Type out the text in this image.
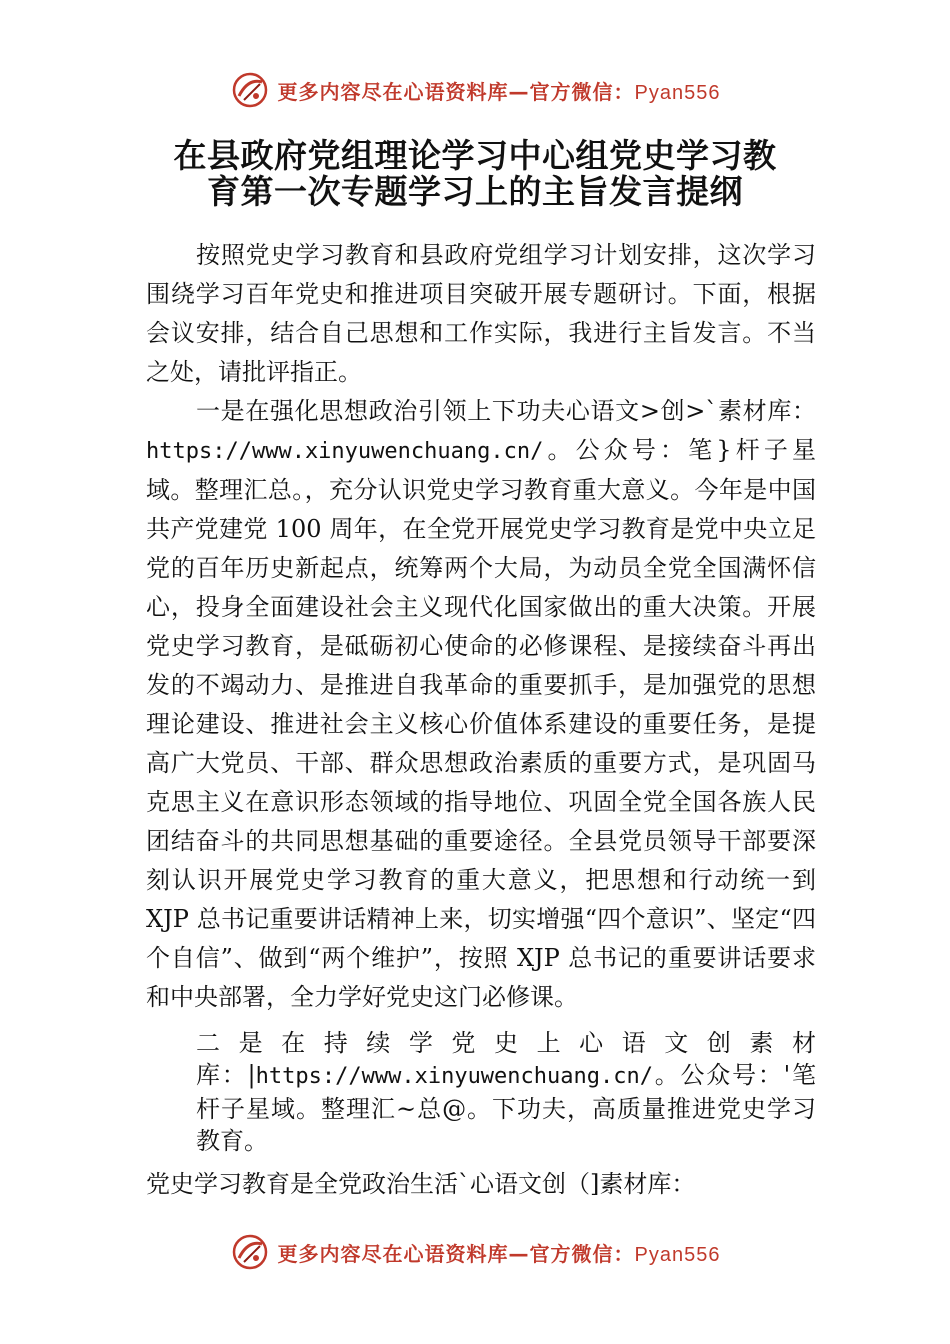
更多内容尽在心语资料库—官方微信：Pyan556
在县政府党组理论学习中心组党史学习教
育第一次专题学习上的主旨发言提纲

按照党史学习教育和县政府党组学习计划安排，这次学习围绕学习百年党史和推进项目突破开展专题研讨。下面，根据会议安排，结合自己思想和工作实际，我进行主旨发言。不当之处，请批评指正。

一是在强化思想政治引领上下功夫心语文>创>`素材库：https://www.xinyuwenchuang.cn/。公众号：笔}杆子星域。整理汇总。，充分认识党史学习教育重大意义。今年是中国共产党建党 100 周年，在全党开展党史学习教育是党中央立足党的百年历史新起点，统筹两个大局，为动员全党全国满怀信心，投身全面建设社会主义现代化国家做出的重大决策。开展党史学习教育，是砥砺初心使命的必修课程、是接续奋斗再出发的不竭动力、是推进自我革命的重要抓手，是加强党的思想理论建设、推进社会主义核心价值体系建设的重要任务，是提高广大党员、干部、群众思想政治素质的重要方式，是巩固马克思主义在意识形态领域的指导地位、巩固全党全国各族人民团结奋斗的共同思想基础的重要途径。全县党员领导干部要深刻认识开展党史学习教育的重大意义，把思想和行动统一到 XJP 总书记重要讲话精神上来，切实增强“四个意识”、坚定“四个自信”、做到“两个维护”，按照 XJP 总书记的重要讲话要求和中央部署，全力学好党史这门必修课。

二是在持续学党史上心语文创素材库：|https://www.xinyuwenchuang.cn/。公众号：'笔杆子星域。整理汇~总@。下功夫，高质量推进党史学习教育。

党史学习教育是全党政治生活`心语文创（]素材库：

更多内容尽在心语资料库—官方微信：Pyan556
